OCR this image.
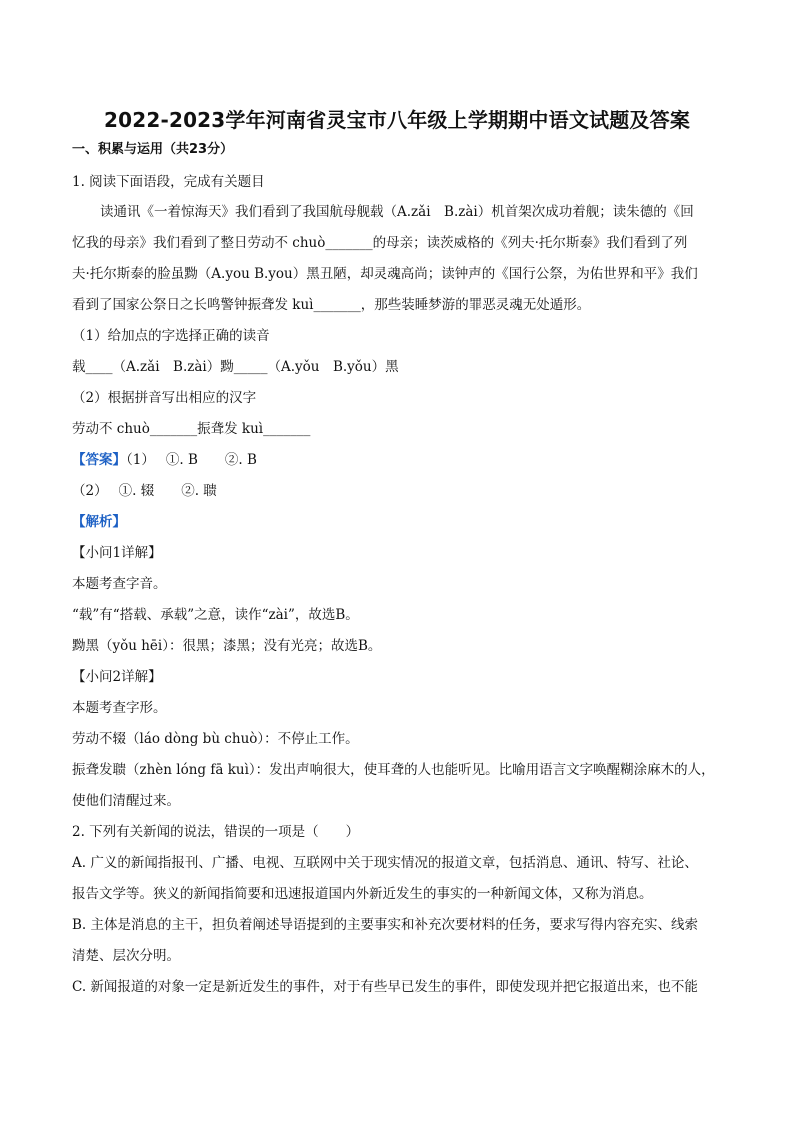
2022-2023学年河南省灵宝市八年级上学期期中语文试题及答案
一、积累与运用（共23分）
1. 阅读下面语段，完成有关题目
读通讯《一着惊海天》我们看到了我国航母舰载（A.zǎi　B.zài）机首架次成功着舰；读朱德的《回
忆我的母亲》我们看到了整日劳动不 chuò_______的母亲；读茨威格的《列夫·托尔斯泰》我们看到了列
夫·托尔斯泰的脸虽黝（A.you B.you）黑丑陋，却灵魂高尚；读钟声的《国行公祭，为佑世界和平》我们
看到了国家公祭日之长鸣警钟振聋发 kuì_______，那些装睡梦游的罪恶灵魂无处遁形。
（1）给加点的字选择正确的读音
载____（A.zǎi　B.zài）黝_____（A.yǒu　B.yǒu）黑
（2）根据拼音写出相应的汉字
劳动不 chuò_______振聋发 kuì_______
【答案】（1）　 ①. B　　②. B
（2）　 ①. 辍　　②. 聩
【解析】
【小问1详解】
本题考查字音。
“载”有“搭载、承载”之意，读作“zài”，故选B。
黝黑（yǒu hēi）：很黑；漆黑；没有光亮；故选B。
【小问2详解】
本题考查字形。
劳动不辍（láo dòng bù chuò）：不停止工作。
振聋发聩（zhèn lóng fā kuì）：发出声响很大，使耳聋的人也能听见。比喻用语言文字唤醒糊涂麻木的人，
使他们清醒过来。
2. 下列有关新闻的说法，错误的一项是（　　）
A. 广义的新闻指报刊、广播、电视、互联网中关于现实情况的报道文章，包括消息、通讯、特写、社论、
报告文学等。狭义的新闻指简要和迅速报道国内外新近发生的事实的一种新闻文体，又称为消息。
B. 主体是消息的主干，担负着阐述导语提到的主要事实和补充次要材料的任务，要求写得内容充实、线索
清楚、层次分明。
C. 新闻报道的对象一定是新近发生的事件，对于有些早已发生的事件，即使发现并把它报道出来，也不能
